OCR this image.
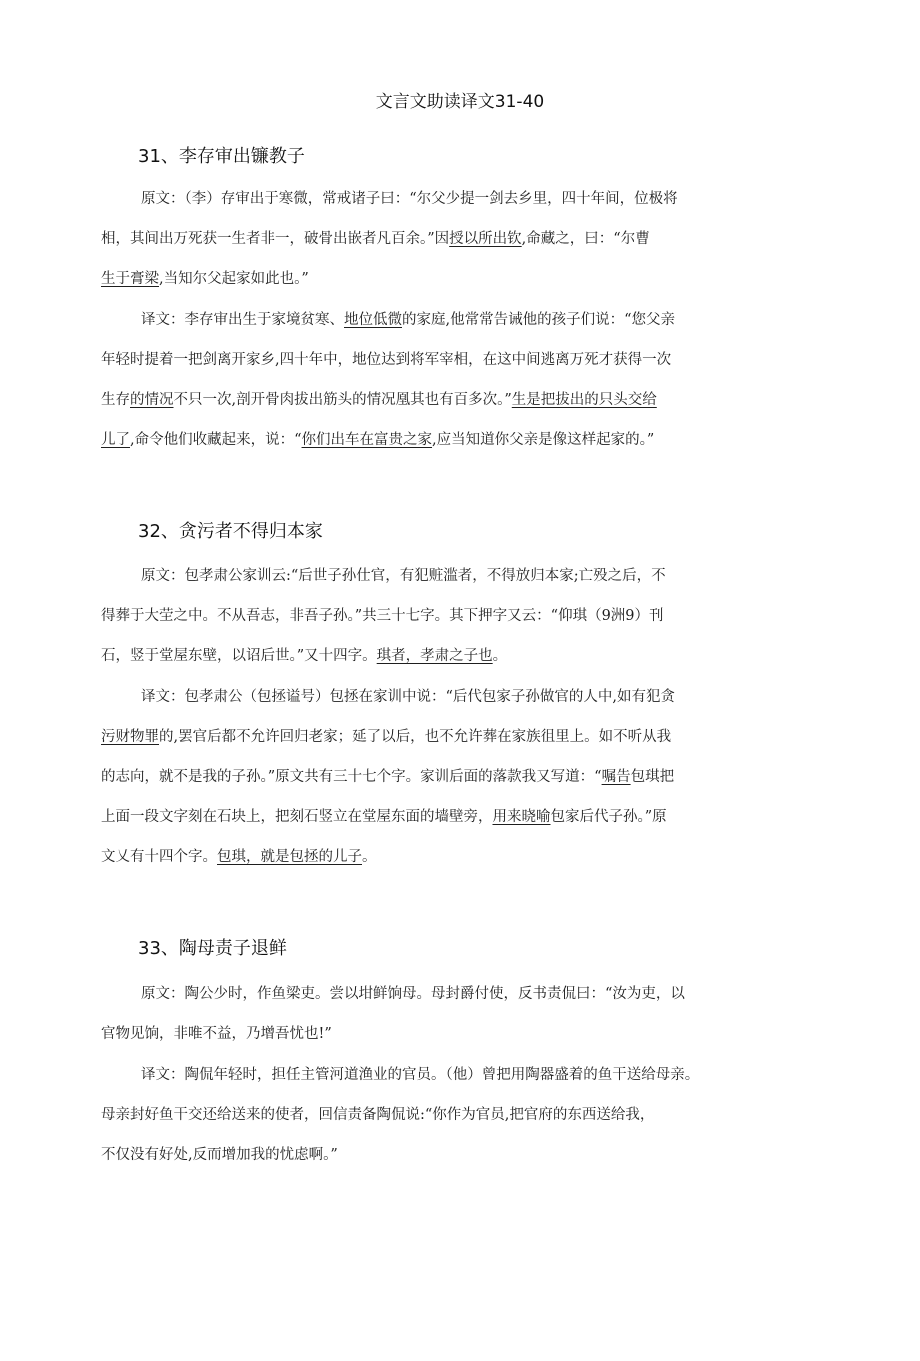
文言文助读译文31-40
31、李存审出镰教子
原文：（李）存审出于寒微，常戒诸子曰：“尔父少提一剑去乡里，四十年间，位极将
相，其间出万死获一生者非一，破骨出嵌者凡百余。”因授以所出钦,命藏之，曰：“尔曹
生于膏梁,当知尔父起家如此也。”
译文：李存审出生于家境贫寒、地位低微的家庭,他常常告诫他的孩子们说：“您父亲
年轻时提着一把剑离开家乡,四十年中，地位达到将军宰相，在这中间逃离万死才获得一次
生存的情况不只一次,剖开骨肉拔出筋头的情况凰其也有百多次。”生是把拔出的只头交给
儿了,命令他们收藏起来，说：“你们出车在富贵之家,应当知道你父亲是像这样起家的。”
32、贪污者不得归本家
原文：包孝肃公家训云:“后世子孙仕官，有犯赃滥者，不得放归本家;亡殁之后，不
得葬于大茔之中。不从吾志，非吾子孙。”共三十七字。其下押字又云：“仰琪（9洲9）刊
石，竖于堂屋东壁，以诏后世。”又十四字。琪者，孝肃之子也。
译文：包孝肃公（包拯谥号）包拯在家训中说：“后代包家子孙做官的人中,如有犯贪
污财物罪的,罢官后都不允许回归老家；延了以后，也不允许葬在家族徂里上。如不听从我
的志向，就不是我的子孙。”原文共有三十七个字。家训后面的落款我又写道：“嘱告包琪把
上面一段文字刻在石块上，把刻石竖立在堂屋东面的墙壁旁，用来晓喻包家后代子孙。”原
文乂有十四个字。包琪，就是包拯的儿子。
33、陶母责子退鲜
原文：陶公少时，作鱼梁吏。尝以坩鲜饷母。母封爵付使，反书责侃曰：“汝为吏，以
官物见饷，非唯不益，乃增吾忧也!”
译文：陶侃年轻时，担任主管河道渔业的官员。（他）曾把用陶器盛着的鱼干送给母亲。
母亲封好鱼干交还给送来的使者，回信责备陶侃说:“你作为官员,把官府的东西送给我，
不仅没有好处,反而增加我的忧虑啊。”
